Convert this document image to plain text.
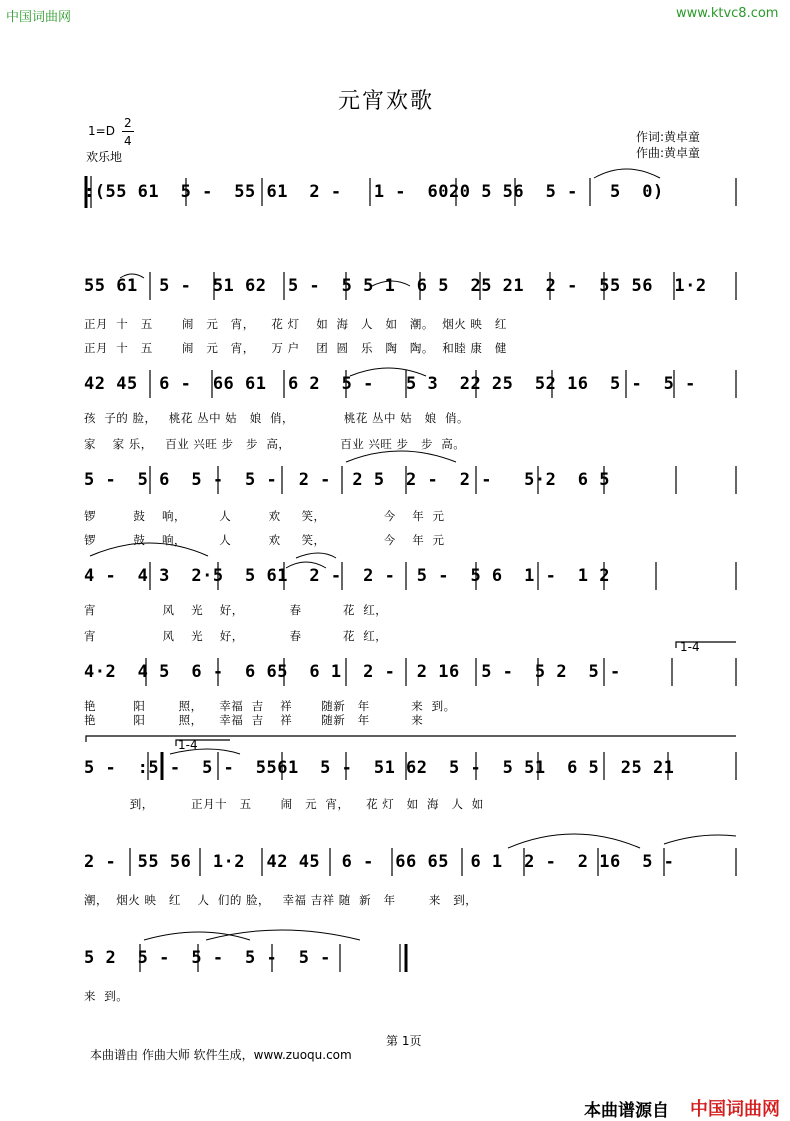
中国词曲网	www.ktvc8.com
元宵欢歌
1=D
2
4
欢乐地
作词:黄卓童
作曲:黄卓童
:(55 61  5 -  55 61  2 -   1 -  6020 5 56  5 -   5  0)
55 61  5 -  51 62  5 -  5 5 1  6 5  25 21  2 -  55 56  1·2
正月  十   五       闹   元   宵，    花 灯    如  海   人   如   潮。  烟火 映   红
正月  十   五       闹   元   宵，    万 户    团  圆   乐   陶   陶。  和睦 康   健
42 45  6 -  66 61  6 2  5 -   5 3  22 25  52 16  5 -  5 -
孩  子的 脸，   桃花 丛中 姑   娘  俏，            桃花 丛中 姑   娘  俏。
家    家 乐，   百业 兴旺 步   步  高，            百业 兴旺 步   步  高。
5 -  5 6  5 -  5 -  2 -  2 5  2 -  2 -   5·2  6 5
锣         鼓    响，        人         欢     笑，              今    年  元
锣         鼓    响，        人         欢     笑，              今    年  元
4 -  4 3  2·5  5 61  2 -  2 -  5 -  5 6  1 -  1 2
宵                风    光    好，           春          花  红，
宵                风    光    好，           春          花  红，
1-4
4·2  4 5  6 -  6 65  6 1  2 -  2 16  5 -  5 2  5 -
艳         阳        照，    幸福  吉    祥       随新   年          来  到。
艳         阳        照，    幸福  吉    祥       随新   年          来
1-4
5 -  :5 -  5 -  5561  5 -  51 62  5 -  5 51  6 5  25 21
到，         正月十   五       闹   元  宵，    花 灯   如  海   人  如
2 -  55 56  1·2  42 45  6 -  66 65  6 1  2 -  2 16  5 -
潮，  烟火 映   红    人  们的 脸，   幸福 吉祥 随  新   年        来   到，
5 2  5 -  5 -  5 -  5 -
来  到。
第 1页
本曲谱由 作曲大师 软件生成，www.zuoqu.com
本曲谱源自 中国词曲网
